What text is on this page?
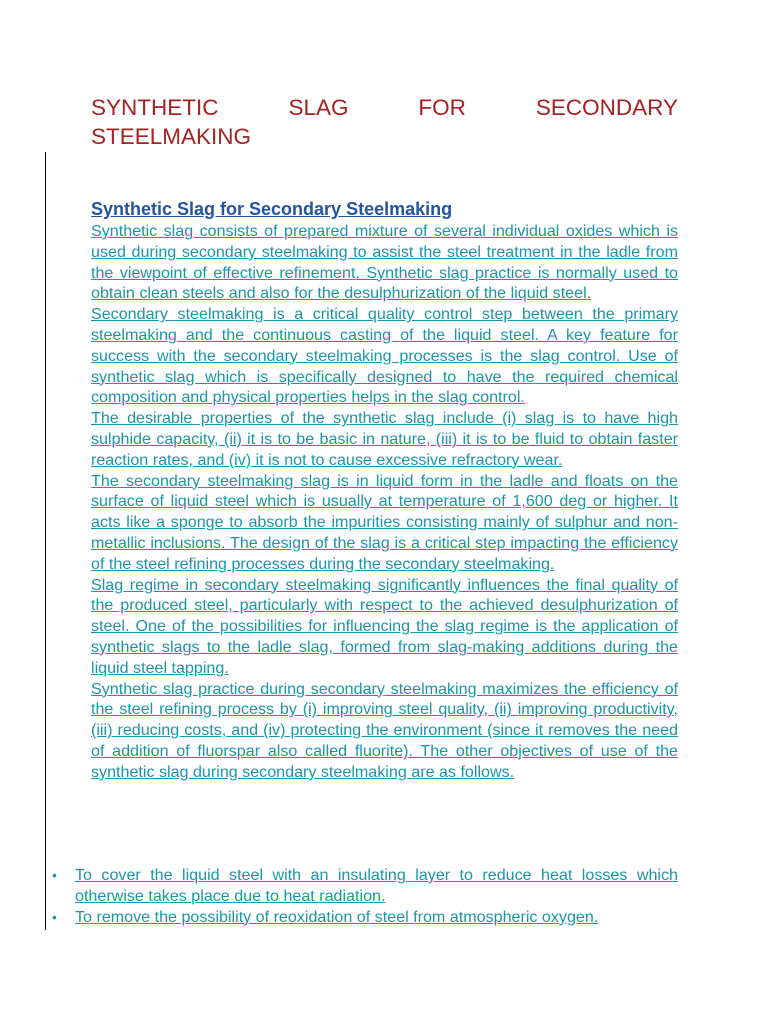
SYNTHETIC	SLAG	FOR	SECONDARY
STEELMAKING
Synthetic Slag for Secondary Steelmaking
Synthetic slag consists of prepared mixture of several individual oxides which is used during secondary steelmaking to assist the steel treatment in the ladle from the viewpoint of effective refinement. Synthetic slag practice is normally used to obtain clean steels and also for the desulphurization of the liquid steel.
Secondary steelmaking is a critical quality control step between the primary steelmaking and the continuous casting of the liquid steel. A key feature for success with the secondary steelmaking processes is the slag control. Use of synthetic slag which is specifically designed to have the required chemical composition and physical properties helps in the slag control.
The desirable properties of the synthetic slag include (i) slag is to have high sulphide capacity, (ii) it is to be basic in nature, (iii) it is to be fluid to obtain faster reaction rates, and (iv) it is not to cause excessive refractory wear.
The secondary steelmaking slag is in liquid form in the ladle and floats on the surface of liquid steel which is usually at temperature of 1,600 deg or higher. It acts like a sponge to absorb the impurities consisting mainly of sulphur and non-metallic inclusions. The design of the slag is a critical step impacting the efficiency of the steel refining processes during the secondary steelmaking.
Slag regime in secondary steelmaking significantly influences the final quality of the produced steel, particularly with respect to the achieved desulphurization of steel. One of the possibilities for influencing the slag regime is the application of synthetic slags to the ladle slag, formed from slag-making additions during the liquid steel tapping.
Synthetic slag practice during secondary steelmaking maximizes the efficiency of the steel refining process by (i) improving steel quality, (ii) improving productivity, (iii) reducing costs, and (iv) protecting the environment (since it removes the need of addition of fluorspar also called fluorite). The other objectives of use of the synthetic slag during secondary steelmaking are as follows.
• To cover the liquid steel with an insulating layer to reduce heat losses which otherwise takes place due to heat radiation.
• To remove the possibility of reoxidation of steel from atmospheric oxygen.
